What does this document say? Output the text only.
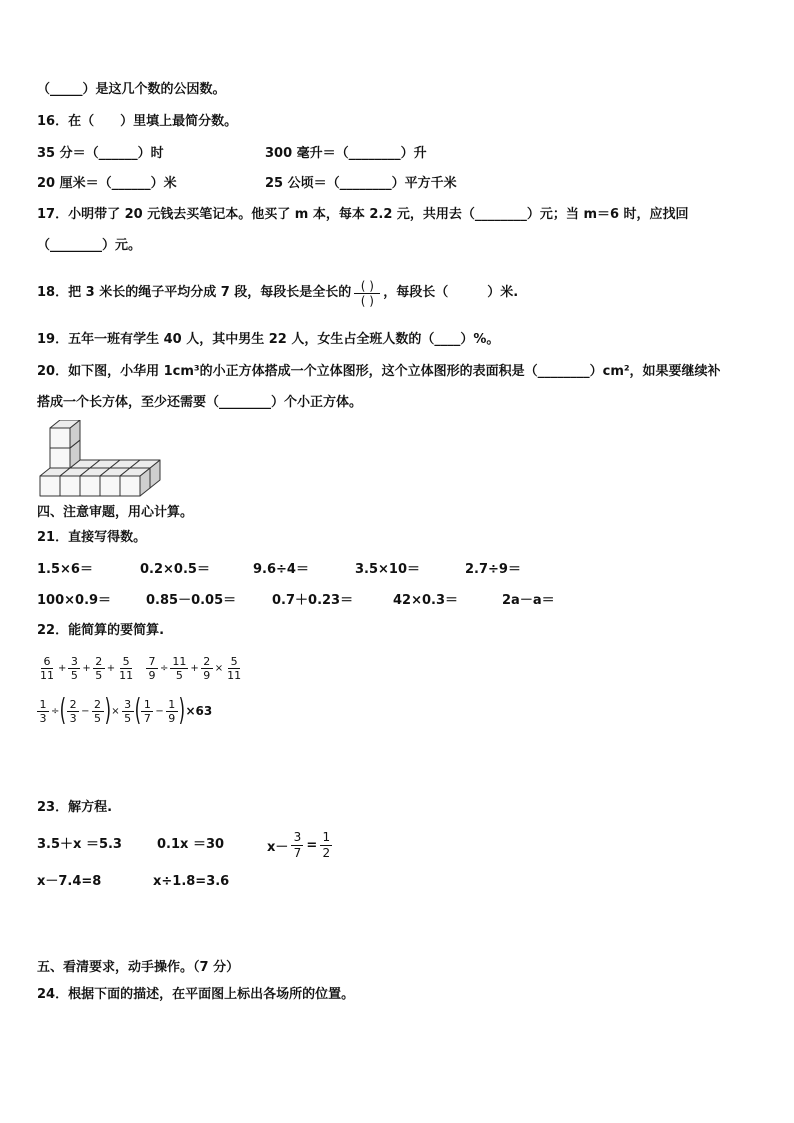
（_____）是这几个数的公因数。
16．在（　　）里填上最简分数。
35 分＝（______）时	300 毫升＝（________）升
20 厘米＝（______）米	25 公顷＝（________）平方千米
17．小明带了 20 元钱去买笔记本。他买了 m 本，每本 2.2 元，共用去（________）元；当 m＝6 时，应找回
（________）元。
18．把 3 米长的绳子平均分成 7 段，每段长是全长的 $\frac{( )}{( )}$ ，每段长（　　　）米.
19．五年一班有学生 40 人，其中男生 22 人，女生占全班人数的（____）%。
20．如下图，小华用 1cm³的小正方体搭成一个立体图形，这个立体图形的表面积是（________）cm²，如果要继续补
搭成一个长方体，至少还需要（________）个小正方体。
四、注意审题，用心计算。
21．直接写得数。
1.5×6＝	0.2×0.5＝	9.6÷4＝	3.5×10＝	2.7÷9＝
100×0.9＝	0.85－0.05＝	0.7＋0.23＝	42×0.3＝	2a－a＝
22．能简算的要简算.
$\frac{6}{11} + \frac{3}{5} + \frac{2}{5} + \frac{5}{11} \frac{7}{9} \div \frac{11}{5} + \frac{2}{9} \times \frac{5}{11}$
$\frac{1}{3}$ ÷ ( $\frac{2}{3} - \frac{2}{5}$ ) × $\frac{3}{5}$ ( $\frac{1}{7} - \frac{1}{9}$ ) ×63
23．解方程.
3.5＋x ＝5.3	0.1x ＝30	$x- \frac{3}{7} = \frac{1}{2}$
x－7.4=8	x÷1.8=3.6
五、看清要求，动手操作。（7 分）
24．根据下面的描述，在平面图上标出各场所的位置。
